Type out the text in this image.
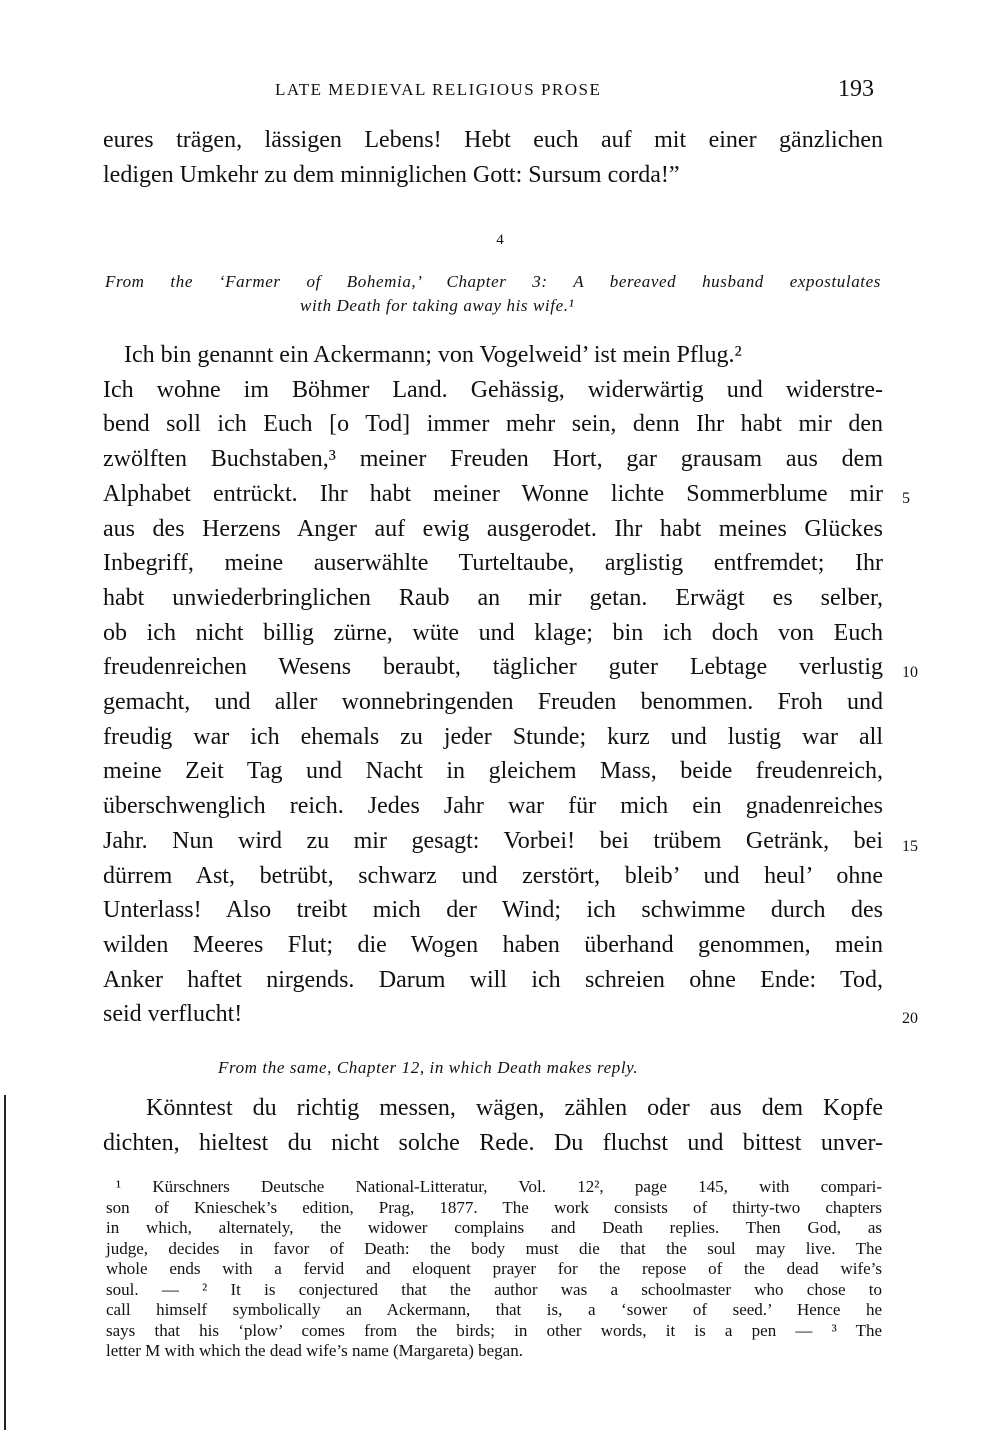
LATE MEDIEVAL RELIGIOUS PROSE	193
eures trägen, lässigen Lebens! Hebt euch auf mit einer gänzlichen
ledigen Umkehr zu dem minniglichen Gott: Sursum corda!”
4
From the ‘Farmer of Bohemia,’ Chapter 3: A bereaved husband expostulates
with Death for taking away his wife.¹
Ich bin genannt ein Ackermann; von Vogelweid’ ist mein Pflug.²
Ich wohne im Böhmer Land. Gehässig, widerwärtig und widerstre-
bend soll ich Euch [o Tod] immer mehr sein, denn Ihr habt mir den
zwölften Buchstaben,³ meiner Freuden Hort, gar grausam aus dem
Alphabet entrückt. Ihr habt meiner Wonne lichte Sommerblume mir
aus des Herzens Anger auf ewig ausgerodet. Ihr habt meines Glückes
Inbegriff, meine auserwählte Turteltaube, arglistig entfremdet; Ihr
habt unwiederbringlichen Raub an mir getan. Erwägt es selber,
ob ich nicht billig zürne, wüte und klage; bin ich doch von Euch
freudenreichen Wesens beraubt, täglicher guter Lebtage verlustig
gemacht, und aller wonnebringenden Freuden benommen. Froh und
freudig war ich ehemals zu jeder Stunde; kurz und lustig war all
meine Zeit Tag und Nacht in gleichem Mass, beide freudenreich,
überschwenglich reich. Jedes Jahr war für mich ein gnadenreiches
Jahr. Nun wird zu mir gesagt: Vorbei! bei trübem Getränk, bei
dürrem Ast, betrübt, schwarz und zerstört, bleib’ und heul’ ohne
Unterlass! Also treibt mich der Wind; ich schwimme durch des
wilden Meeres Flut; die Wogen haben überhand genommen, mein
Anker haftet nirgends. Darum will ich schreien ohne Ende: Tod,
seid verflucht!
5
10
15
20
From the same, Chapter 12, in which Death makes reply.
Könntest du richtig messen, wägen, zählen oder aus dem Kopfe
dichten, hieltest du nicht solche Rede. Du fluchst und bittest unver-
¹ Kürschners Deutsche National-Litteratur, Vol. 12², page 145, with compari-
son of Knieschek’s edition, Prag, 1877. The work consists of thirty-two chapters
in which, alternately, the widower complains and Death replies. Then God, as
judge, decides in favor of Death: the body must die that the soul may live. The
whole ends with a fervid and eloquent prayer for the repose of the dead wife’s
soul. — ² It is conjectured that the author was a schoolmaster who chose to
call himself symbolically an Ackermann, that is, a ‘sower of seed.’ Hence he
says that his ‘plow’ comes from the birds; in other words, it is a pen — ³ The
letter M with which the dead wife’s name (Margareta) began.
